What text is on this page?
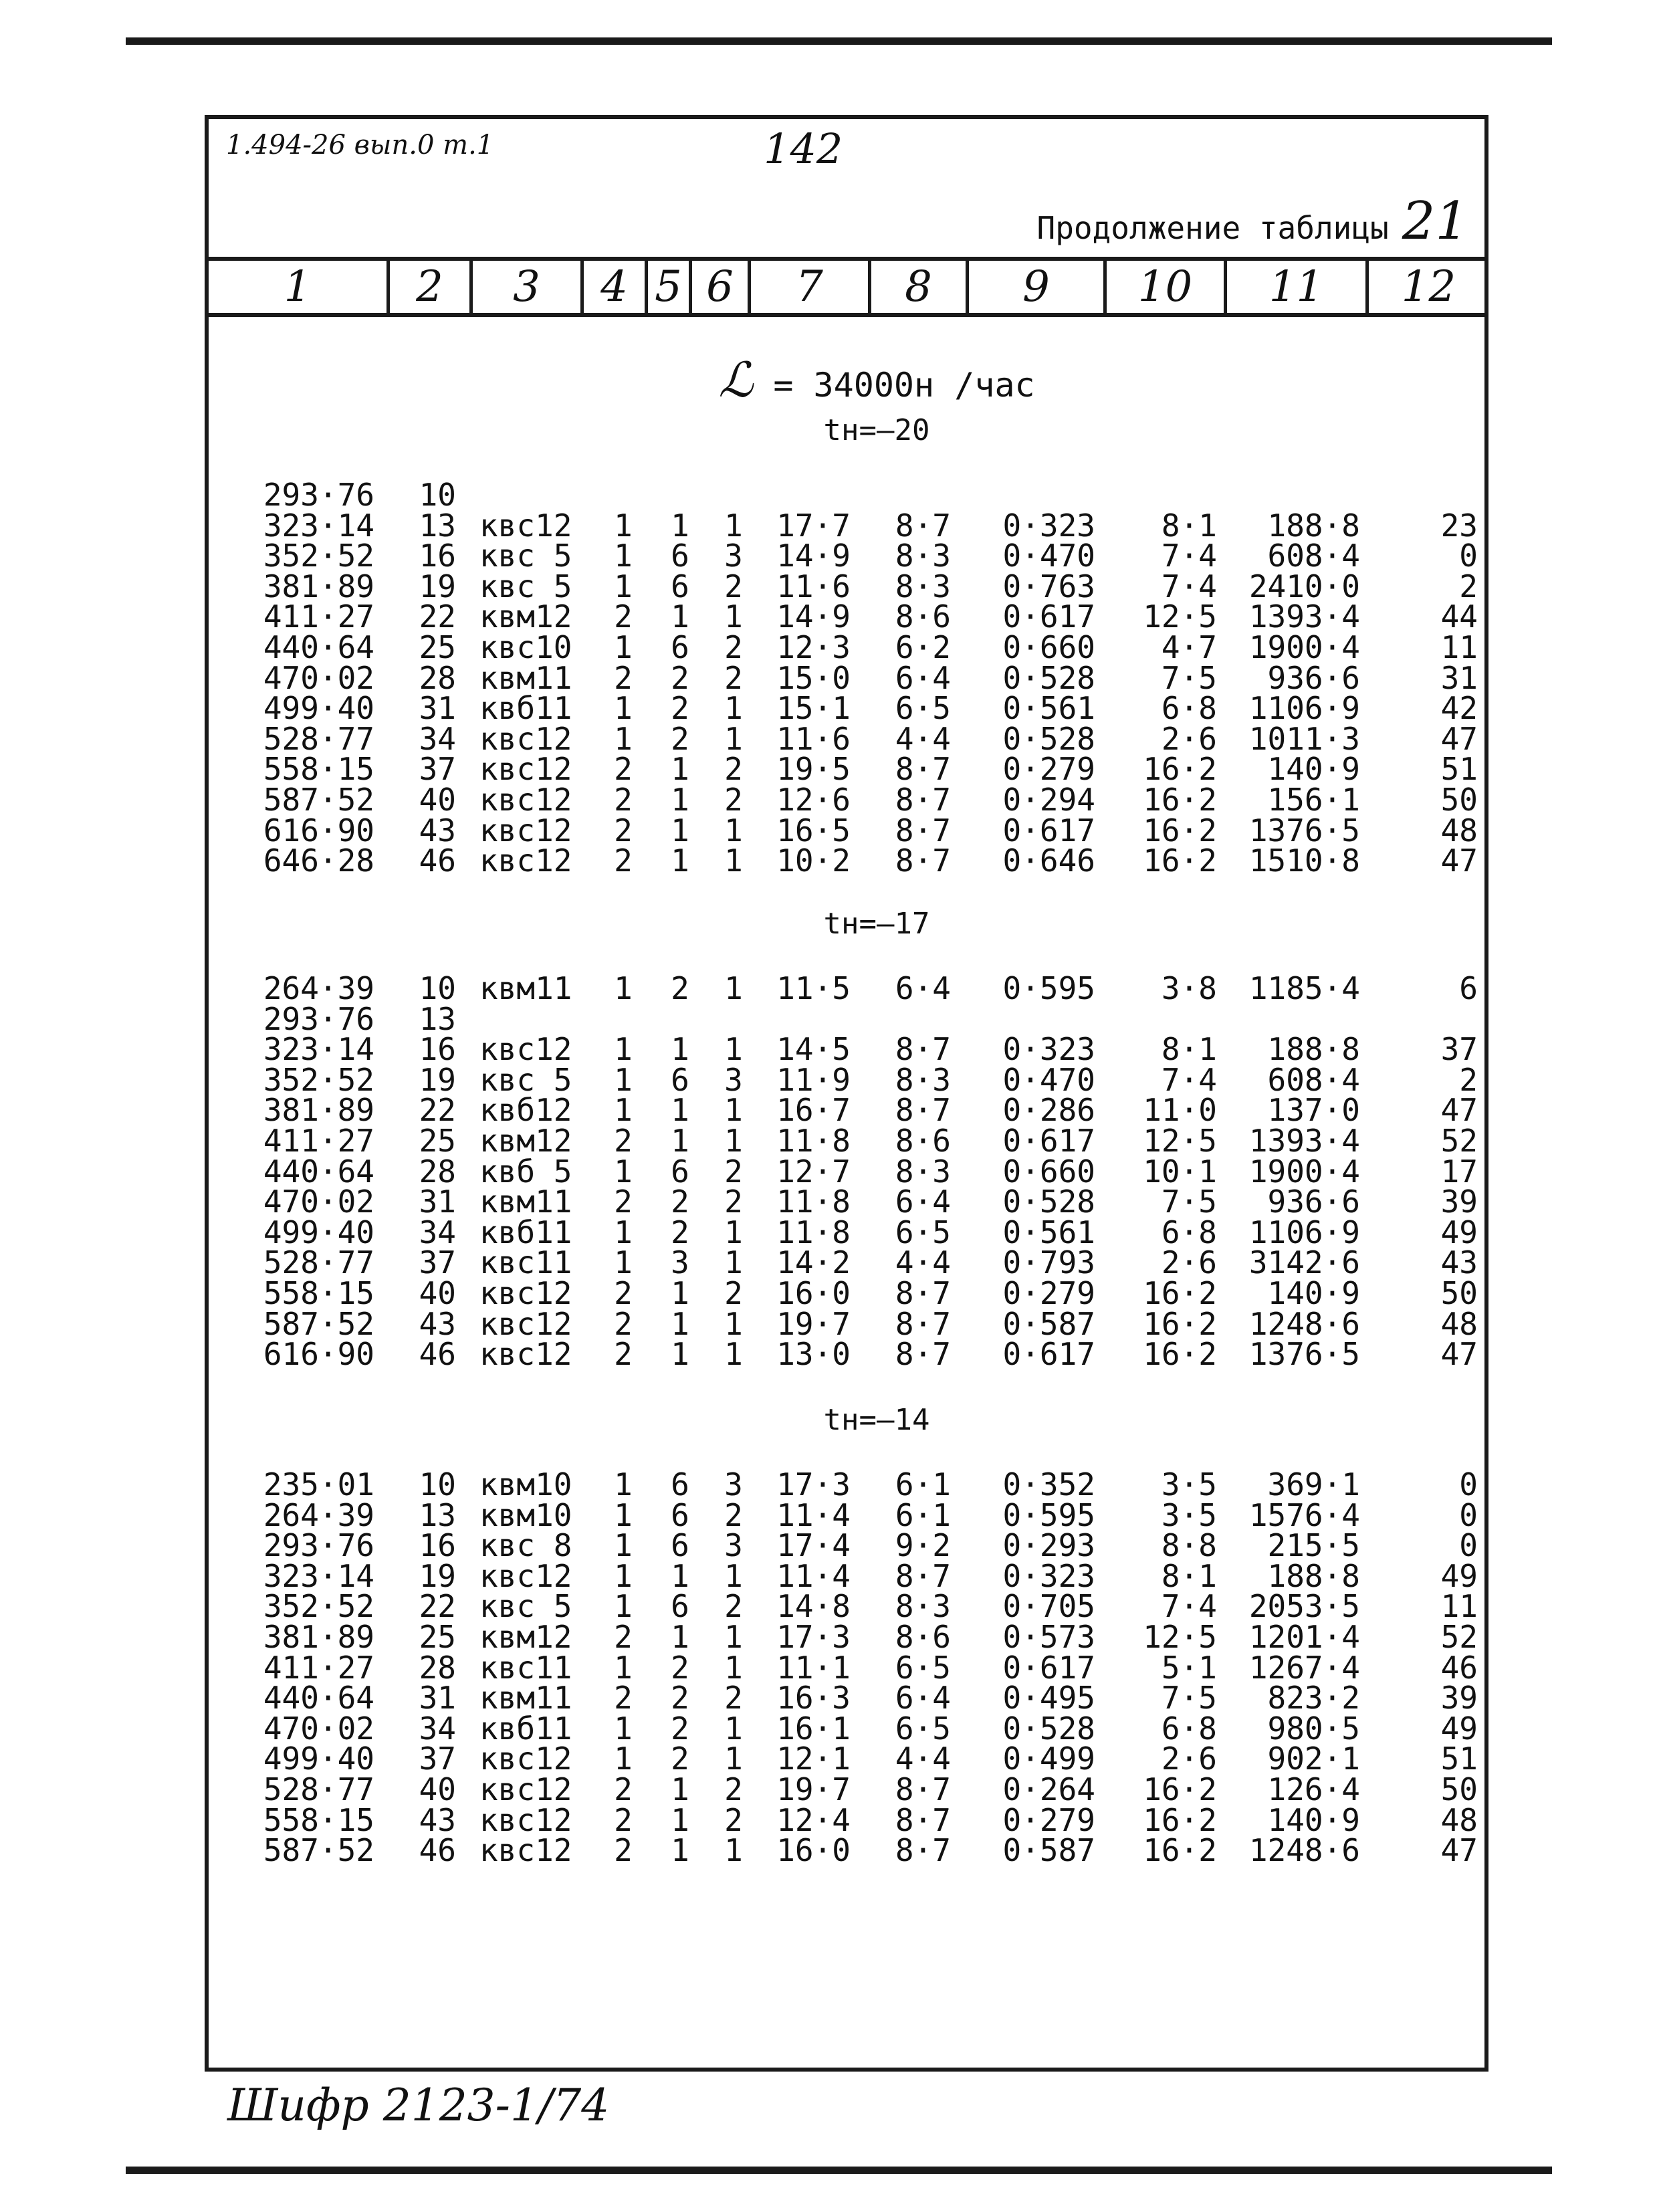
1.494-26 вып.0 т.1	142
Продолжение таблицы 21
1	2	3	4 5 6	7	8	9	10	11	12
ℒ = 34000н /час
tн=–20
293·76	10
323·14	13 квс12	1 1 1	17·7	8·7	0·323	8·1	188·8	23
352·52	16 квс 5	1 6 3	14·9	8·3	0·470	7·4	608·4	0
381·89	19 квс 5	1 6 2	11·6	8·3	0·763	7·4	2410·0	2
411·27	22 квм12	2 1 1	14·9	8·6	0·617	12·5	1393·4	44
440·64	25 квс10	1 6 2	12·3	6·2	0·660	4·7	1900·4	11
470·02	28 квм11	2 2 2	15·0	6·4	0·528	7·5	936·6	31
499·40	31 квб11	1 2 1	15·1	6·5	0·561	6·8	1106·9	42
528·77	34 квс12	1 2 1	11·6	4·4	0·528	2·6	1011·3	47
558·15	37 квс12	2 1 2	19·5	8·7	0·279	16·2	140·9	51
587·52	40 квс12	2 1 2	12·6	8·7	0·294	16·2	156·1	50
616·90	43 квс12	2 1 1	16·5	8·7	0·617	16·2	1376·5	48
646·28	46 квс12	2 1 1	10·2	8·7	0·646	16·2	1510·8	47
tн=–17
264·39	10 квм11	1 2 1	11·5	6·4	0·595	3·8	1185·4	6
293·76	13
323·14	16 квс12	1 1 1	14·5	8·7	0·323	8·1	188·8	37
352·52	19 квс 5	1 6 3	11·9	8·3	0·470	7·4	608·4	2
381·89	22 квб12	1 1 1	16·7	8·7	0·286	11·0	137·0	47
411·27	25 квм12	2 1 1	11·8	8·6	0·617	12·5	1393·4	52
440·64	28 квб 5	1 6 2	12·7	8·3	0·660	10·1	1900·4	17
470·02	31 квм11	2 2 2	11·8	6·4	0·528	7·5	936·6	39
499·40	34 квб11	1 2 1	11·8	6·5	0·561	6·8	1106·9	49
528·77	37 квс11	1 3 1	14·2	4·4	0·793	2·6	3142·6	43
558·15	40 квс12	2 1 2	16·0	8·7	0·279	16·2	140·9	50
587·52	43 квс12	2 1 1	19·7	8·7	0·587	16·2	1248·6	48
616·90	46 квс12	2 1 1	13·0	8·7	0·617	16·2	1376·5	47
tн=–14
235·01	10 квм10	1 6 3	17·3	6·1	0·352	3·5	369·1	0
264·39	13 квм10	1 6 2	11·4	6·1	0·595	3·5	1576·4	0
293·76	16 квс 8	1 6 3	17·4	9·2	0·293	8·8	215·5	0
323·14	19 квс12	1 1 1	11·4	8·7	0·323	8·1	188·8	49
352·52	22 квс 5	1 6 2	14·8	8·3	0·705	7·4	2053·5	11
381·89	25 квм12	2 1 1	17·3	8·6	0·573	12·5	1201·4	52
411·27	28 квс11	1 2 1	11·1	6·5	0·617	5·1	1267·4	46
440·64	31 квм11	2 2 2	16·3	6·4	0·495	7·5	823·2	39
470·02	34 квб11	1 2 1	16·1	6·5	0·528	6·8	980·5	49
499·40	37 квс12	1 2 1	12·1	4·4	0·499	2·6	902·1	51
528·77	40 квс12	2 1 2	19·7	8·7	0·264	16·2	126·4	50
558·15	43 квс12	2 1 2	12·4	8·7	0·279	16·2	140·9	48
587·52	46 квс12	2 1 1	16·0	8·7	0·587	16·2	1248·6	47
Шифр 2123-1/74
